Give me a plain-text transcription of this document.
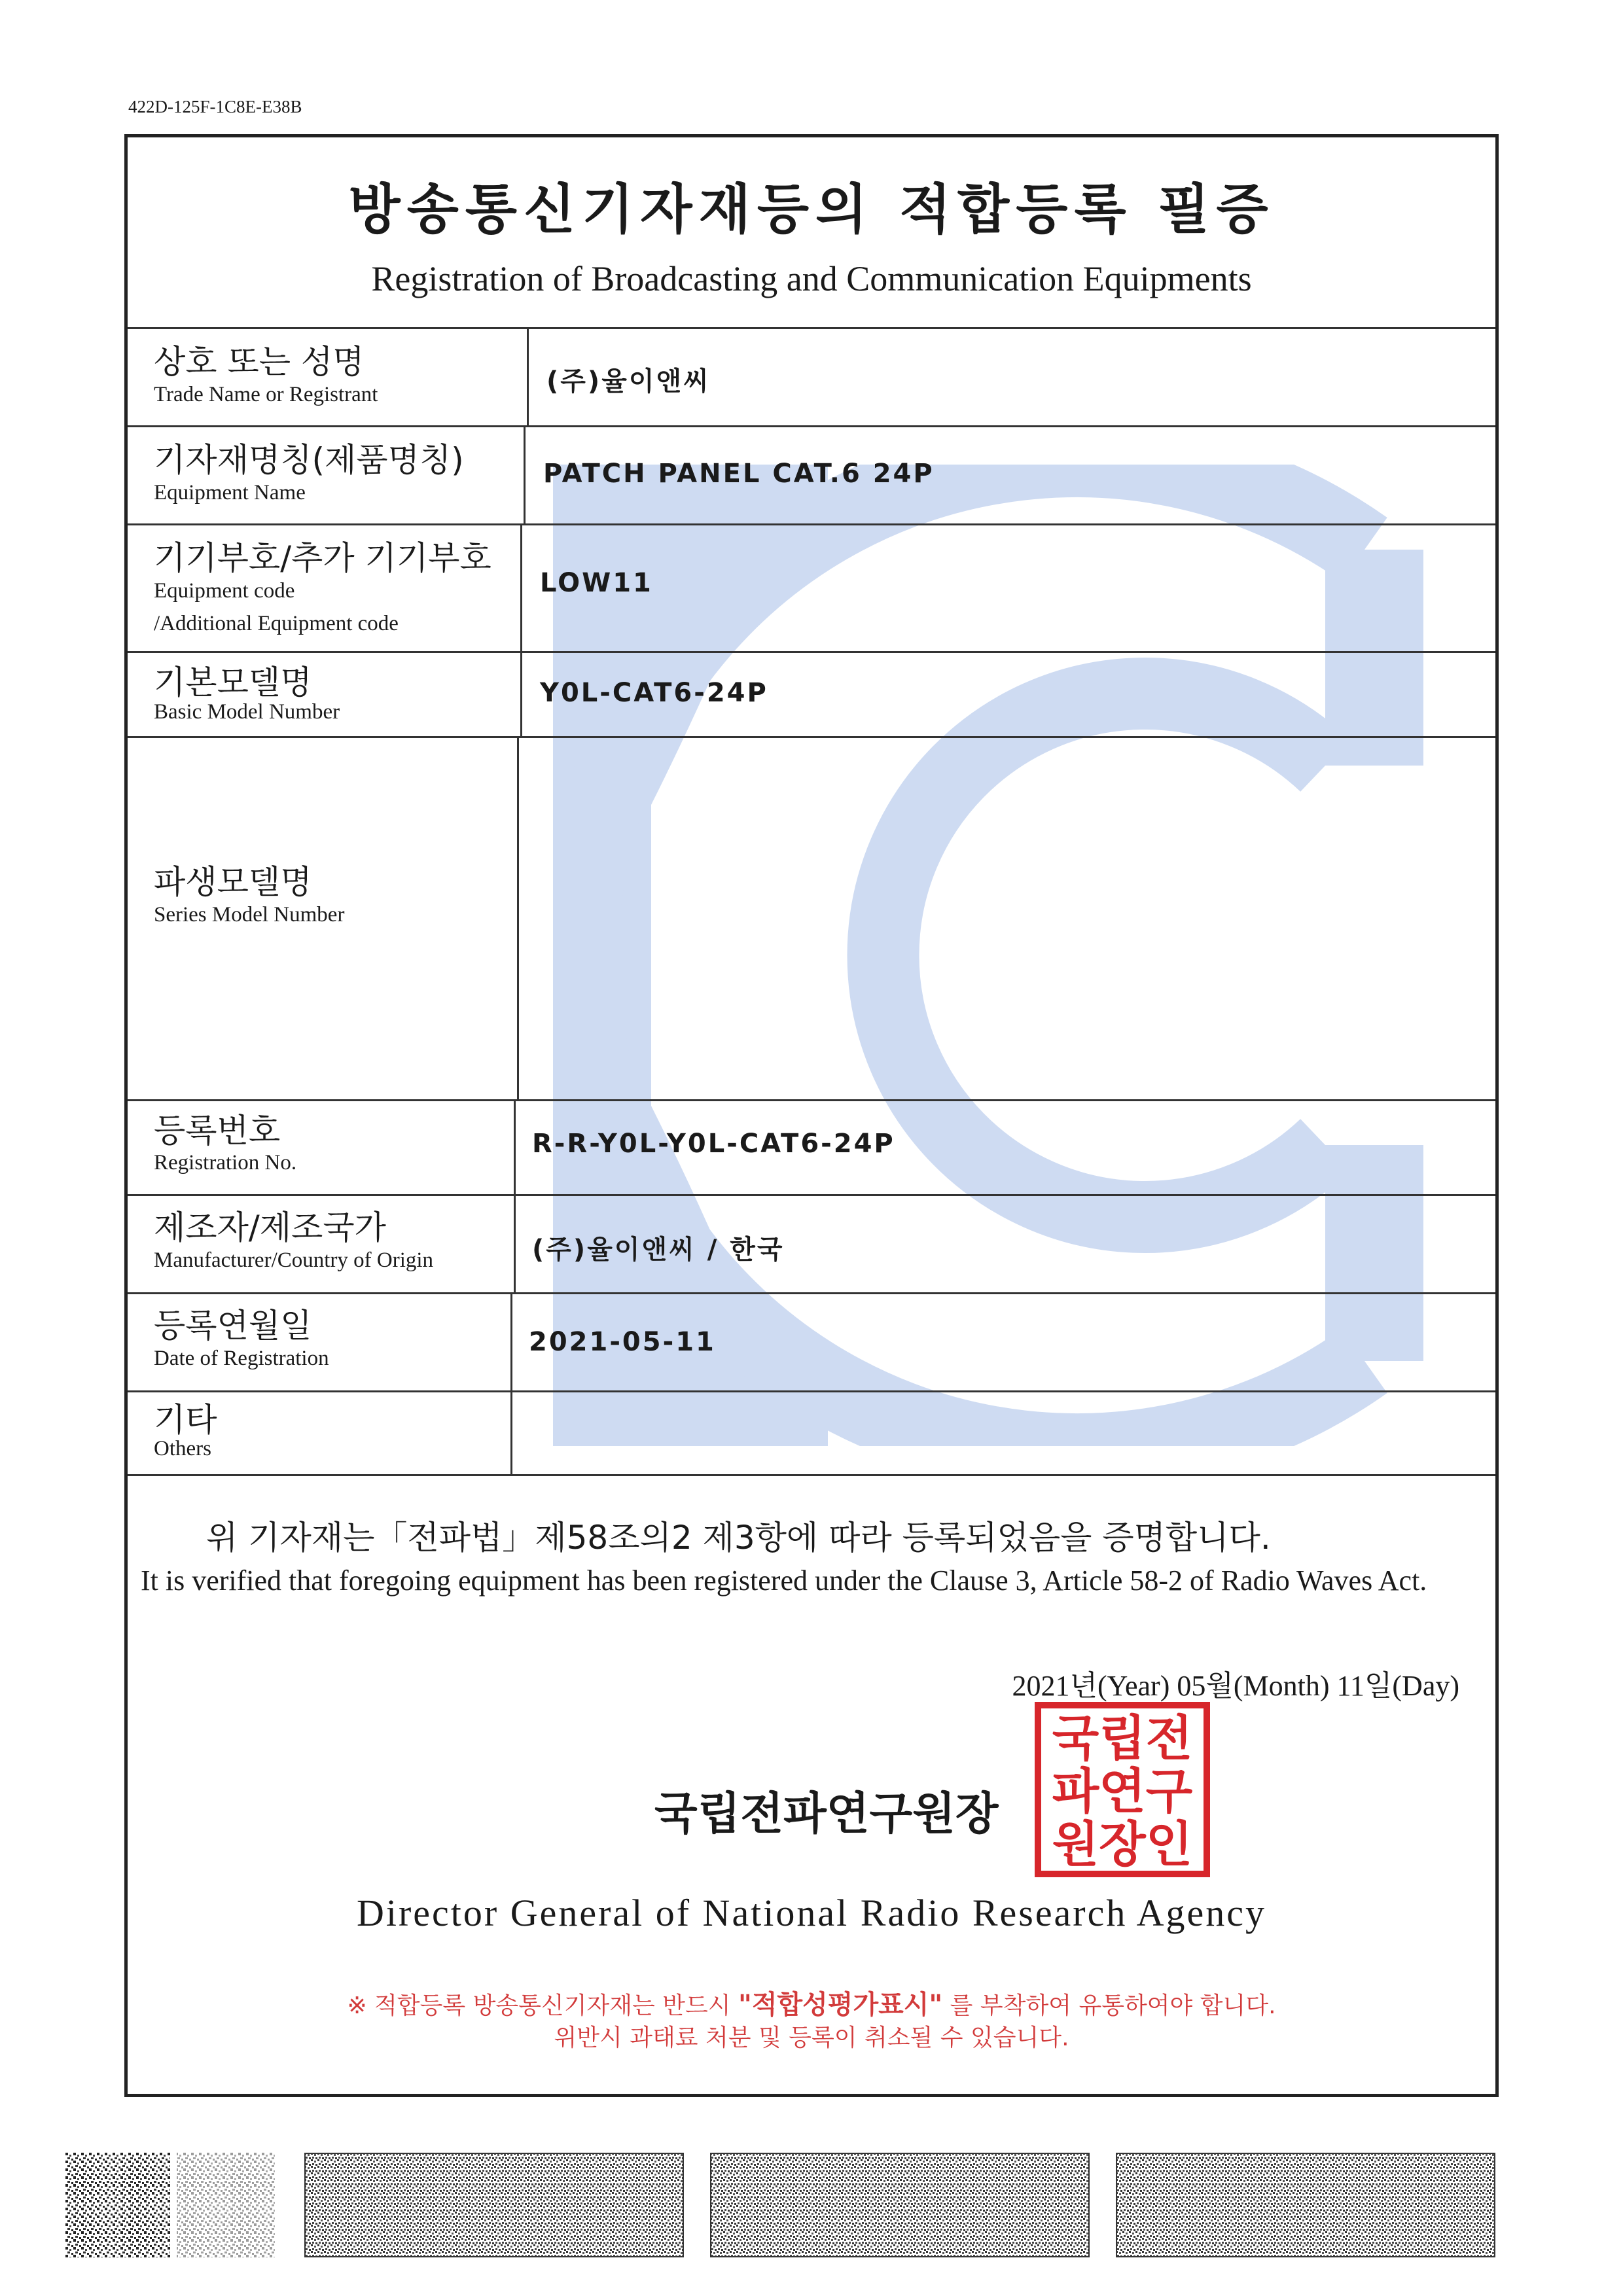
422D-125F-1C8E-E38B
방송통신기자재등의 적합등록 필증
Registration of Broadcasting and Communication Equipments
상호 또는 성명
Trade Name or Registrant	(주)율이앤씨
기자재명칭(제품명칭)
Equipment Name
PATCH PANEL CAT.6 24P
기기부호/추가 기기부호
Equipment code
/Additional Equipment code
LOW11
기본모델명
Basic Model Number
Y0L-CAT6-24P
파생모델명
Series Model Number
등록번호
Registration No.
R-R-Y0L-Y0L-CAT6-24P
제조자/제조국가
Manufacturer/Country of Origin	(주)율이앤씨 / 한국
등록연월일
Date of Registration
2021-05-11
기타
Others
위 기자재는「전파법」제58조의2 제3항에 따라 등록되었음을 증명합니다.
It is verified that foregoing equipment has been registered under the Clause 3, Article 58-2 of Radio Waves Act.
2021년(Year) 05월(Month) 11일(Day)
국립전
파연구
원장인
국립전파연구원장
Director General of National Radio Research Agency
※ 적합등록 방송통신기자재는 반드시 "적합성평가표시" 를 부착하여 유통하여야 합니다.
위반시 과태료 처분 및 등록이 취소될 수 있습니다.
